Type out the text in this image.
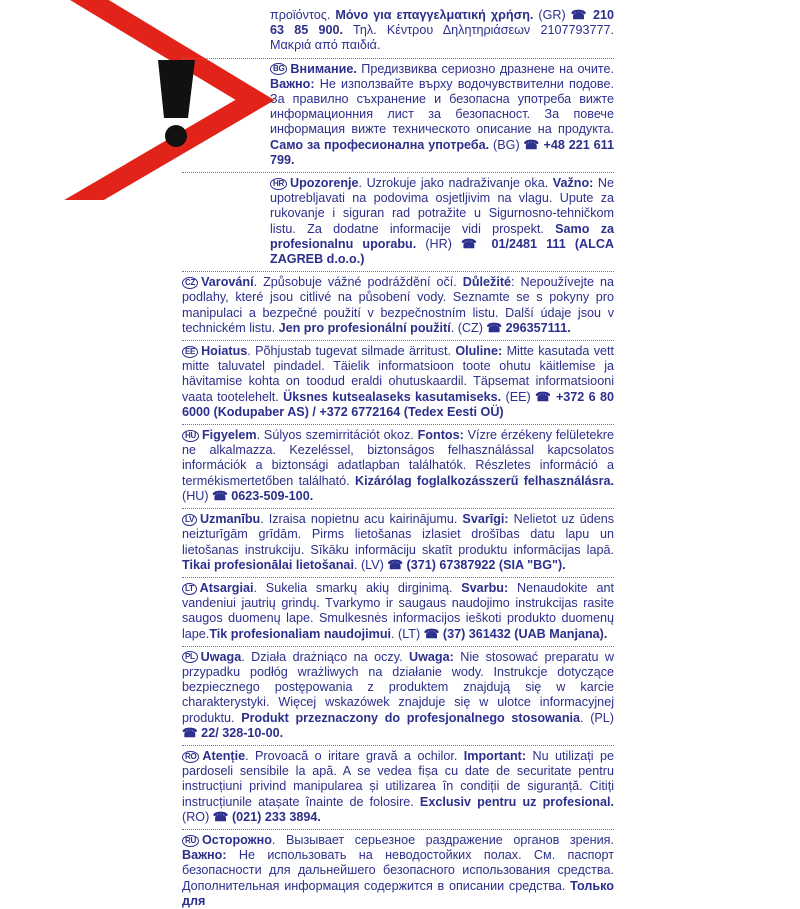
προϊόντος. Μόνο για επαγγελματική χρήση. (GR) ☎ 210 63 85 900. Τηλ. Κέντρου Δηλητηριάσεων 2107793777. Μακριά από παιδιά.

BG Внимание. Предизвиква сериозно дразнене на очите. Важно: Не използвайте върху водочувствителни подове. За правилно съхранение и безопасна употреба вижте информационния лист за безопасност. За повече информация вижте техническото описание на продукта. Само за професионална употреба. (BG) ☎ +48 221 611 799.

HR Upozorenje. Uzrokuje jako nadraživanje oka. Važno: Ne upotrebljavati na podovima osjetljivim na vlagu. Upute za rukovanje i siguran rad potražite u Sigurnosno-tehničkom listu. Za dodatne informacije vidi prospekt. Samo za profesionalnu uporabu. (HR) ☎ 01/2481 111 (ALCA ZAGREB d.o.o.)

CZ Varování. Způsobuje vážné podráždění očí. Důležité: Nepoužívejte na podlahy, které jsou citlivé na působení vody. Seznamte se s pokyny pro manipulaci a bezpečné použití v bezpečnostním listu. Další údaje jsou v technickém listu. Jen pro profesionální použití. (CZ) ☎ 296357111.

EE Hoiatus. Põhjustab tugevat silmade ärritust. Oluline: Mitte kasutada vett mitte taluvatel pindadel. Täielik informatsioon toote ohutu käitlemise ja hävitamise kohta on toodud eraldi ohutuskaardil. Täpsemat informatsiooni vaata tootelehelt. Üksnes kutsealaseks kasutamiseks. (EE) ☎ +372 6 80 6000 (Kodupaber AS) / +372 6772164 (Tedex Eesti OÜ)

HU Figyelem. Súlyos szemirritációt okoz. Fontos: Vízre érzékeny felületekre ne alkalmazza. Kezeléssel, biztonságos felhasználással kapcsolatos információk a biztonsági adatlapban találhatók. Részletes információ a termékismertetőben található. Kizárólag foglalkozásszerű felhasználásra. (HU) ☎ 0623-509-100.

LV Uzmanību. Izraisa nopietnu acu kairinājumu. Svarīgi: Nelietot uz ūdens neizturīgām grīdām. Pirms lietošanas izlasiet drošības datu lapu un lietošanas instrukciju. Sīkāku informāciju skatīt produktu informācijas lapā. Tikai profesionālai lietošanai. (LV) ☎ (371) 67387922 (SIA "BG").

LT Atsargiai. Sukelia smarkų akių dirginimą. Svarbu: Nenaudokite ant vandeniui jautrių grindų. Tvarkymo ir saugaus naudojimo instrukcijas rasite saugos duomenų lape. Smulkesnės informacijos ieškoti produkto duomenų lape.Tik profesionaliam naudojimui. (LT) ☎ (37) 361432 (UAB Manjana).

PL Uwaga. Działa drażniąco na oczy. Uwaga: Nie stosować preparatu w przypadku podłóg wrażliwych na działanie wody. Instrukcje dotyczące bezpiecznego postępowania z produktem znajdują się w karcie charakterystyki. Więcej wskazówek znajduje się w ulotce informacyjnej produktu. Produkt przeznaczony do profesjonalnego stosowania. (PL) ☎ 22/ 328-10-00.

RO Atenție. Provoacă o iritare gravă a ochilor. Important: Nu utilizați pe pardoseli sensibile la apă. A se vedea fișa cu date de securitate pentru instrucțiuni privind manipularea și utilizarea în condiții de siguranță. Citiți instrucțiunile atașate înainte de folosire. Exclusiv pentru uz profesional. (RO) ☎ (021) 233 3894.

RU Осторожно. Вызывает серьезное раздражение органов зрения. Важно: Не использовать на неводостойких полах. См. паспорт безопасности для дальнейшего безопасного использования средства. Дополнительная информация содержится в описании средства. Только для
